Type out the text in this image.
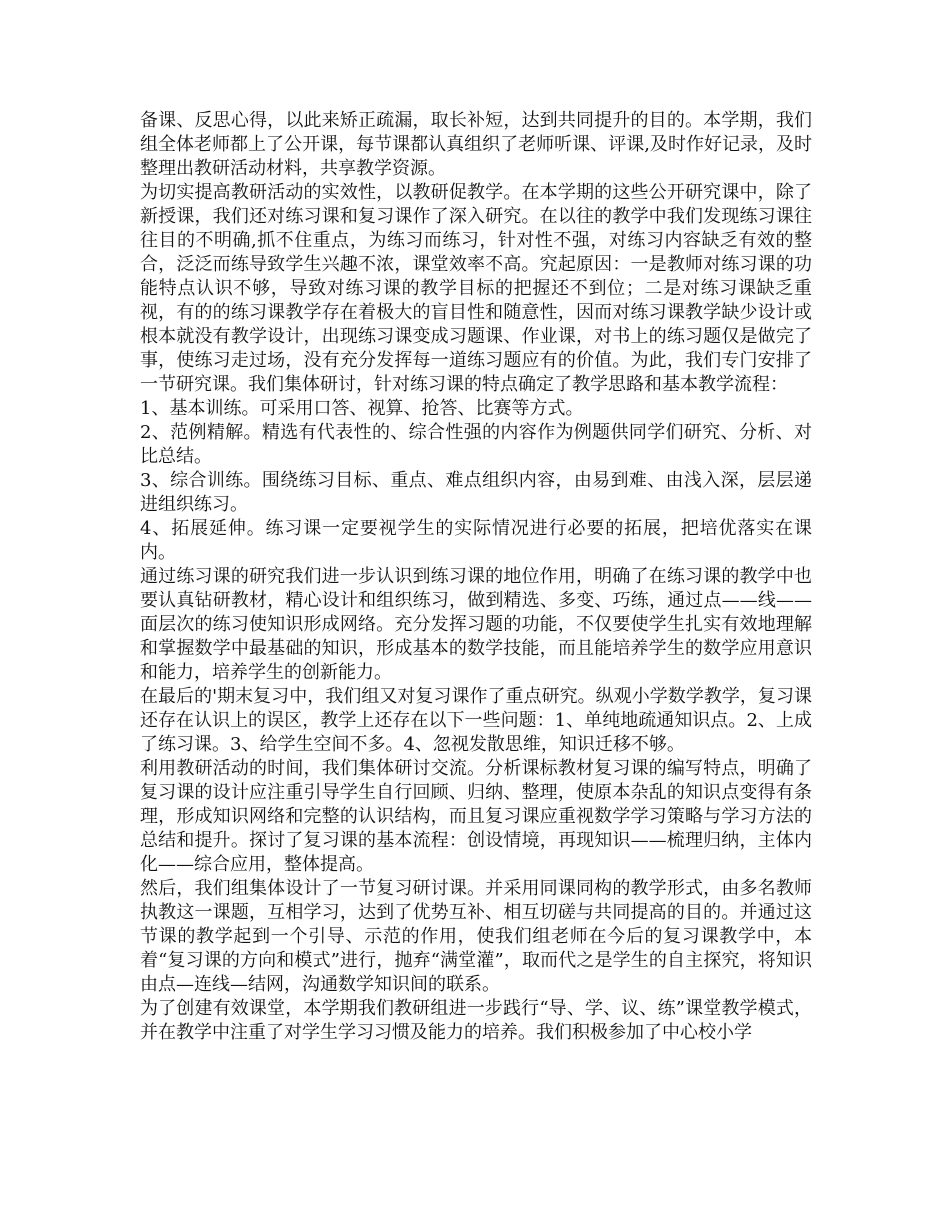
备课、反思心得，以此来矫正疏漏，取长补短，达到共同提升的目的。本学期，我们组全体老师都上了公开课，每节课都认真组织了老师听课、评课,及时作好记录，及时整理出教研活动材料，共享教学资源。

为切实提高教研活动的实效性，以教研促教学。在本学期的这些公开研究课中，除了新授课，我们还对练习课和复习课作了深入研究。在以往的教学中我们发现练习课往往目的不明确,抓不住重点，为练习而练习，针对性不强，对练习内容缺乏有效的整合，泛泛而练导致学生兴趣不浓，课堂效率不高。究起原因：一是教师对练习课的功能特点认识不够，导致对练习课的教学目标的把握还不到位；二是对练习课缺乏重视，有的的练习课教学存在着极大的盲目性和随意性，因而对练习课教学缺少设计或根本就没有教学设计，出现练习课变成习题课、作业课，对书上的练习题仅是做完了事，使练习走过场，没有充分发挥每一道练习题应有的价值。为此，我们专门安排了一节研究课。我们集体研讨，针对练习课的特点确定了教学思路和基本教学流程：

1、基本训练。可采用口答、视算、抢答、比赛等方式。

2、范例精解。精选有代表性的、综合性强的内容作为例题供同学们研究、分析、对比总结。

3、综合训练。围绕练习目标、重点、难点组织内容，由易到难、由浅入深，层层递进组织练习。

4、拓展延伸。练习课一定要视学生的实际情况进行必要的拓展，把培优落实在课内。

通过练习课的研究我们进一步认识到练习课的地位作用，明确了在练习课的教学中也要认真钻研教材，精心设计和组织练习，做到精选、多变、巧练，通过点——线——面层次的练习使知识形成网络。充分发挥习题的功能，不仅要使学生扎实有效地理解和掌握数学中最基础的知识，形成基本的数学技能，而且能培养学生的数学应用意识和能力，培养学生的创新能力。

在最后的'期末复习中，我们组又对复习课作了重点研究。纵观小学数学教学，复习课还存在认识上的误区，教学上还存在以下一些问题：1、单纯地疏通知识点。2、上成了练习课。3、给学生空间不多。4、忽视发散思维，知识迁移不够。

利用教研活动的时间，我们集体研讨交流。分析课标教材复习课的编写特点，明确了复习课的设计应注重引导学生自行回顾、归纳、整理，使原本杂乱的知识点变得有条理，形成知识网络和完整的认识结构，而且复习课应重视数学学习策略与学习方法的总结和提升。探讨了复习课的基本流程：创设情境，再现知识——梳理归纳，主体内化——综合应用，整体提高。

然后，我们组集体设计了一节复习研讨课。并采用同课同构的教学形式，由多名教师执教这一课题，互相学习，达到了优势互补、相互切磋与共同提高的目的。并通过这节课的教学起到一个引导、示范的作用，使我们组老师在今后的复习课教学中，本着“复习课的方向和模式”进行，抛弃“满堂灌”，取而代之是学生的自主探究，将知识由点—连线—结网，沟通数学知识间的联系。

为了创建有效课堂，本学期我们教研组进一步践行“导、学、议、练”课堂教学模式，并在教学中注重了对学生学习习惯及能力的培养。我们积极参加了中心校小学
